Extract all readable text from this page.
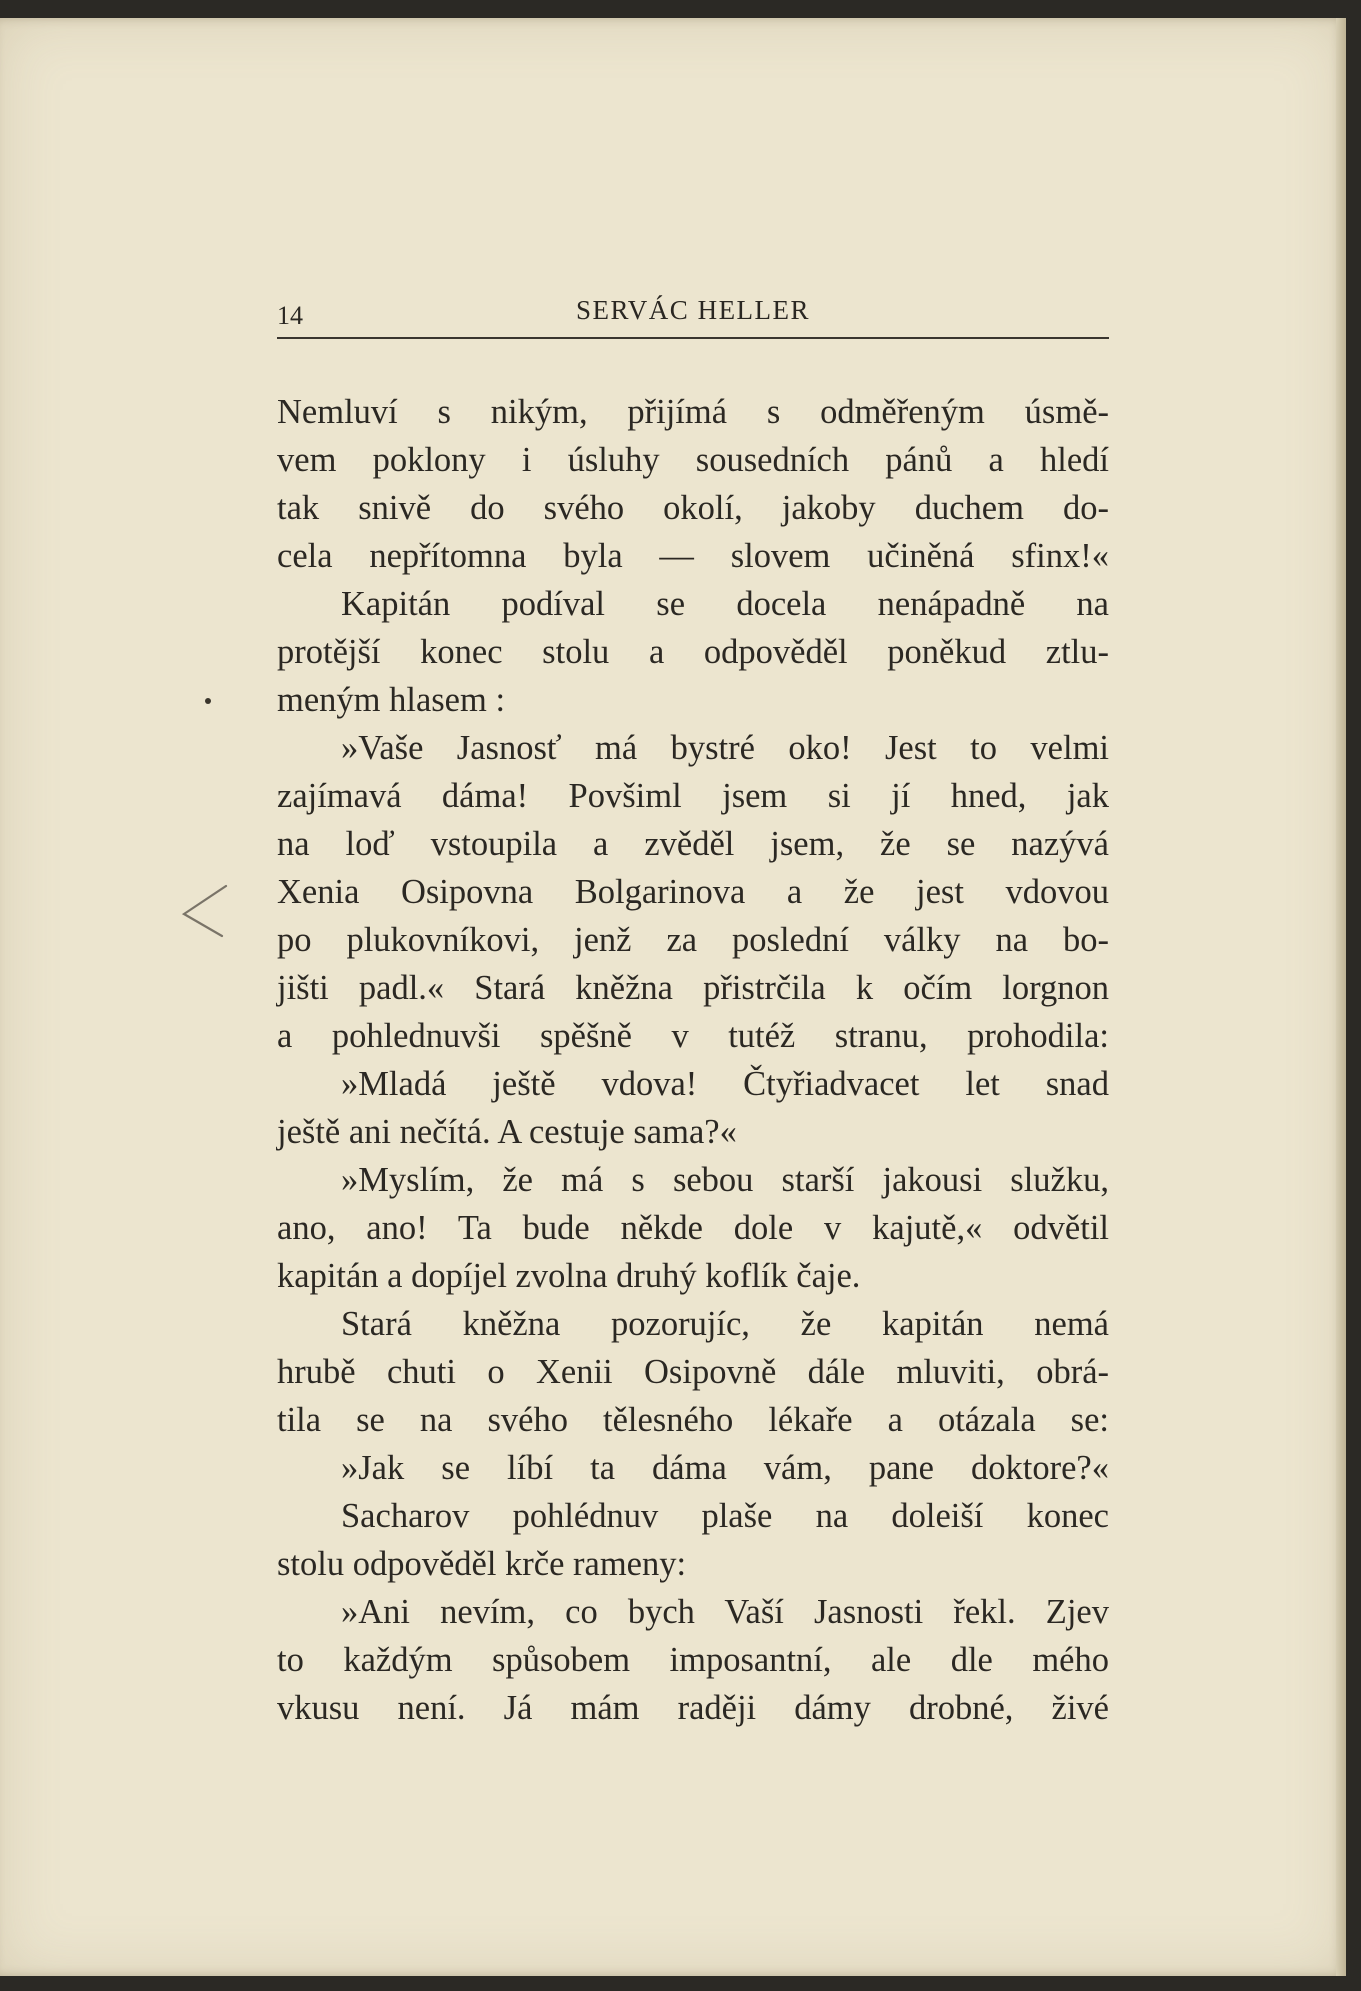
14	SERVÁC HELLER
Nemluví s nikým, přijímá s odměřeným úsmě-
vem poklony i úsluhy sousedních pánů a hledí
tak snivě do svého okolí, jakoby duchem do-
cela nepřítomna byla — slovem učiněná sfinx!«
Kapitán podíval se docela nenápadně na
protější konec stolu a odpověděl poněkud ztlu-
meným hlasem :
»Vaše Jasnosť má bystré oko! Jest to velmi
zajímavá dáma! Povšiml jsem si jí hned, jak
na loď vstoupila a zvěděl jsem, že se nazývá
Xenia Osipovna Bolgarinova a že jest vdovou
po plukovníkovi, jenž za poslední války na bo-
jišti padl.« Stará kněžna přistrčila k očím lorgnon
a pohlednuvši spěšně v tutéž stranu, prohodila:
»Mladá ještě vdova! Čtyřiadvacet let snad
ještě ani nečítá. A cestuje sama?«
»Myslím, že má s sebou starší jakousi služku,
ano, ano! Ta bude někde dole v kajutě,« odvětil
kapitán a dopíjel zvolna druhý koflík čaje.
Stará kněžna pozorujíc, že kapitán nemá
hrubě chuti o Xenii Osipovně dále mluviti, obrá-
tila se na svého tělesného lékaře a otázala se:
»Jak se líbí ta dáma vám, pane doktore?«
Sacharov pohlédnuv plaše na doleiší konec
stolu odpověděl krče rameny:
»Ani nevím, co bych Vaší Jasnosti řekl. Zjev
to každým spůsobem imposantní, ale dle mého
vkusu není. Já mám raději dámy drobné, živé
